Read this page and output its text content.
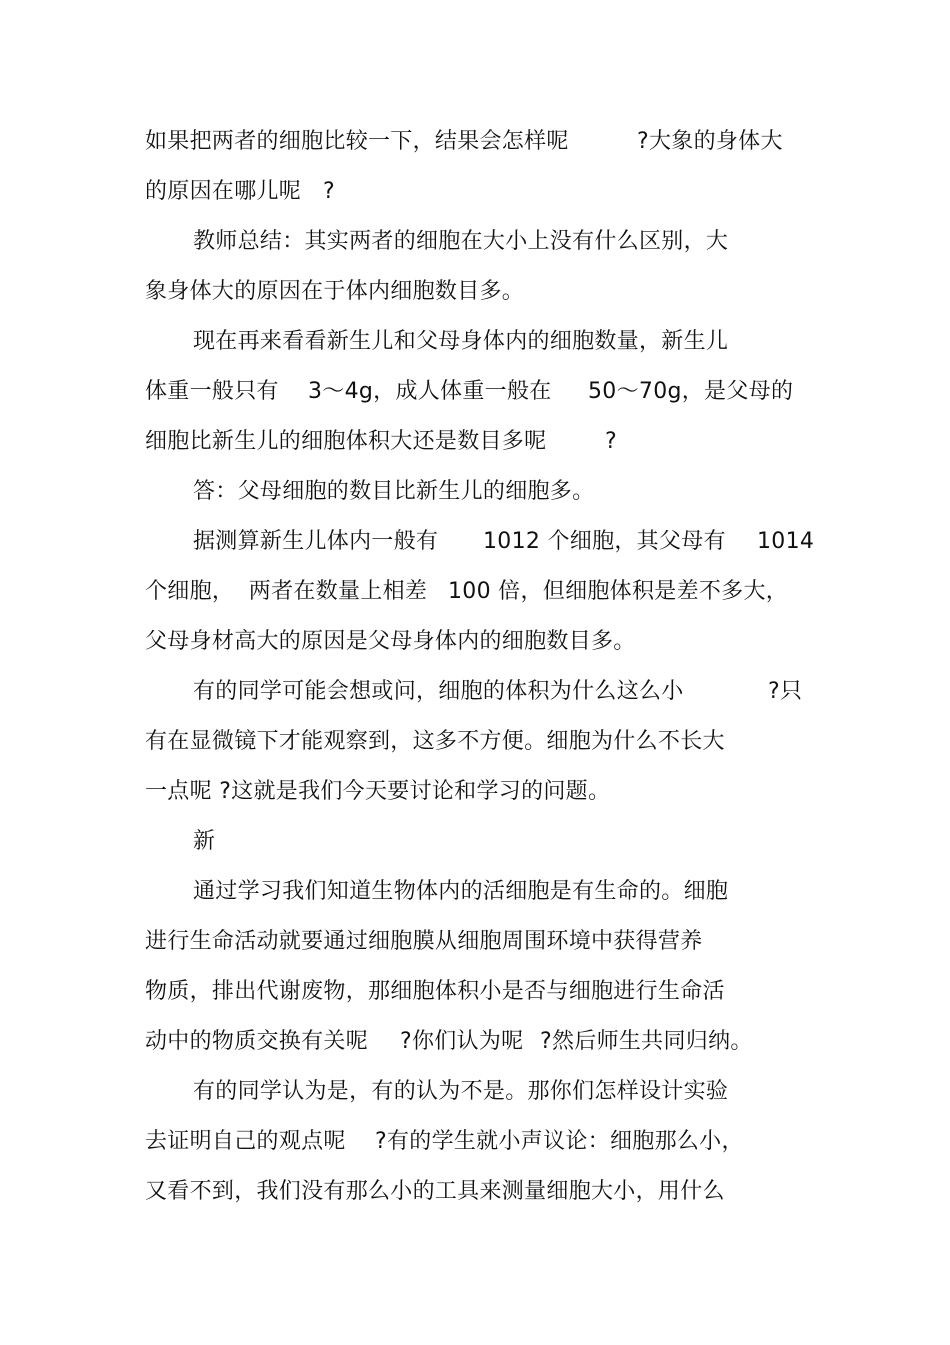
如果把两者的细胞比较一下，结果会怎样呢

	?大象的身体大

的原因在哪儿呢

?

教师总结：其实两者的细胞在大小上没有什么区别，大

象身体大的原因在于体内细胞数目多。

现在再来看看新生儿和父母身体内的细胞数量，新生儿

体重一般只有

3～4g，成人体重一般在

50～70g，是父母的

细胞比新生儿的细胞体积大还是数目多呢

	?

答：父母细胞的数目比新生儿的细胞多。

据测算新生儿体内一般有

1012 个细胞，其父母有

1014

个细胞，  两者在数量上相差

100 倍，但细胞体积是差不多大，

父母身材高大的原因是父母身体内的细胞数目多。

有的同学可能会想或问，细胞的体积为什么这么小

	?只

有在显微镜下才能观察到，这多不方便。细胞为什么不长大

一点呢 ?这就是我们今天要讨论和学习的问题。

新

通过学习我们知道生物体内的活细胞是有生命的。细胞

进行生命活动就要通过细胞膜从细胞周围环境中获得营养

物质，排出代谢废物，那细胞体积小是否与细胞进行生命活

动中的物质交换有关呢

?你们认为呢

?然后师生共同归纳。

有的同学认为是，有的认为不是。那你们怎样设计实验

去证明自己的观点呢

?有的学生就小声议论：细胞那么小，

又看不到，我们没有那么小的工具来测量细胞大小，用什么
